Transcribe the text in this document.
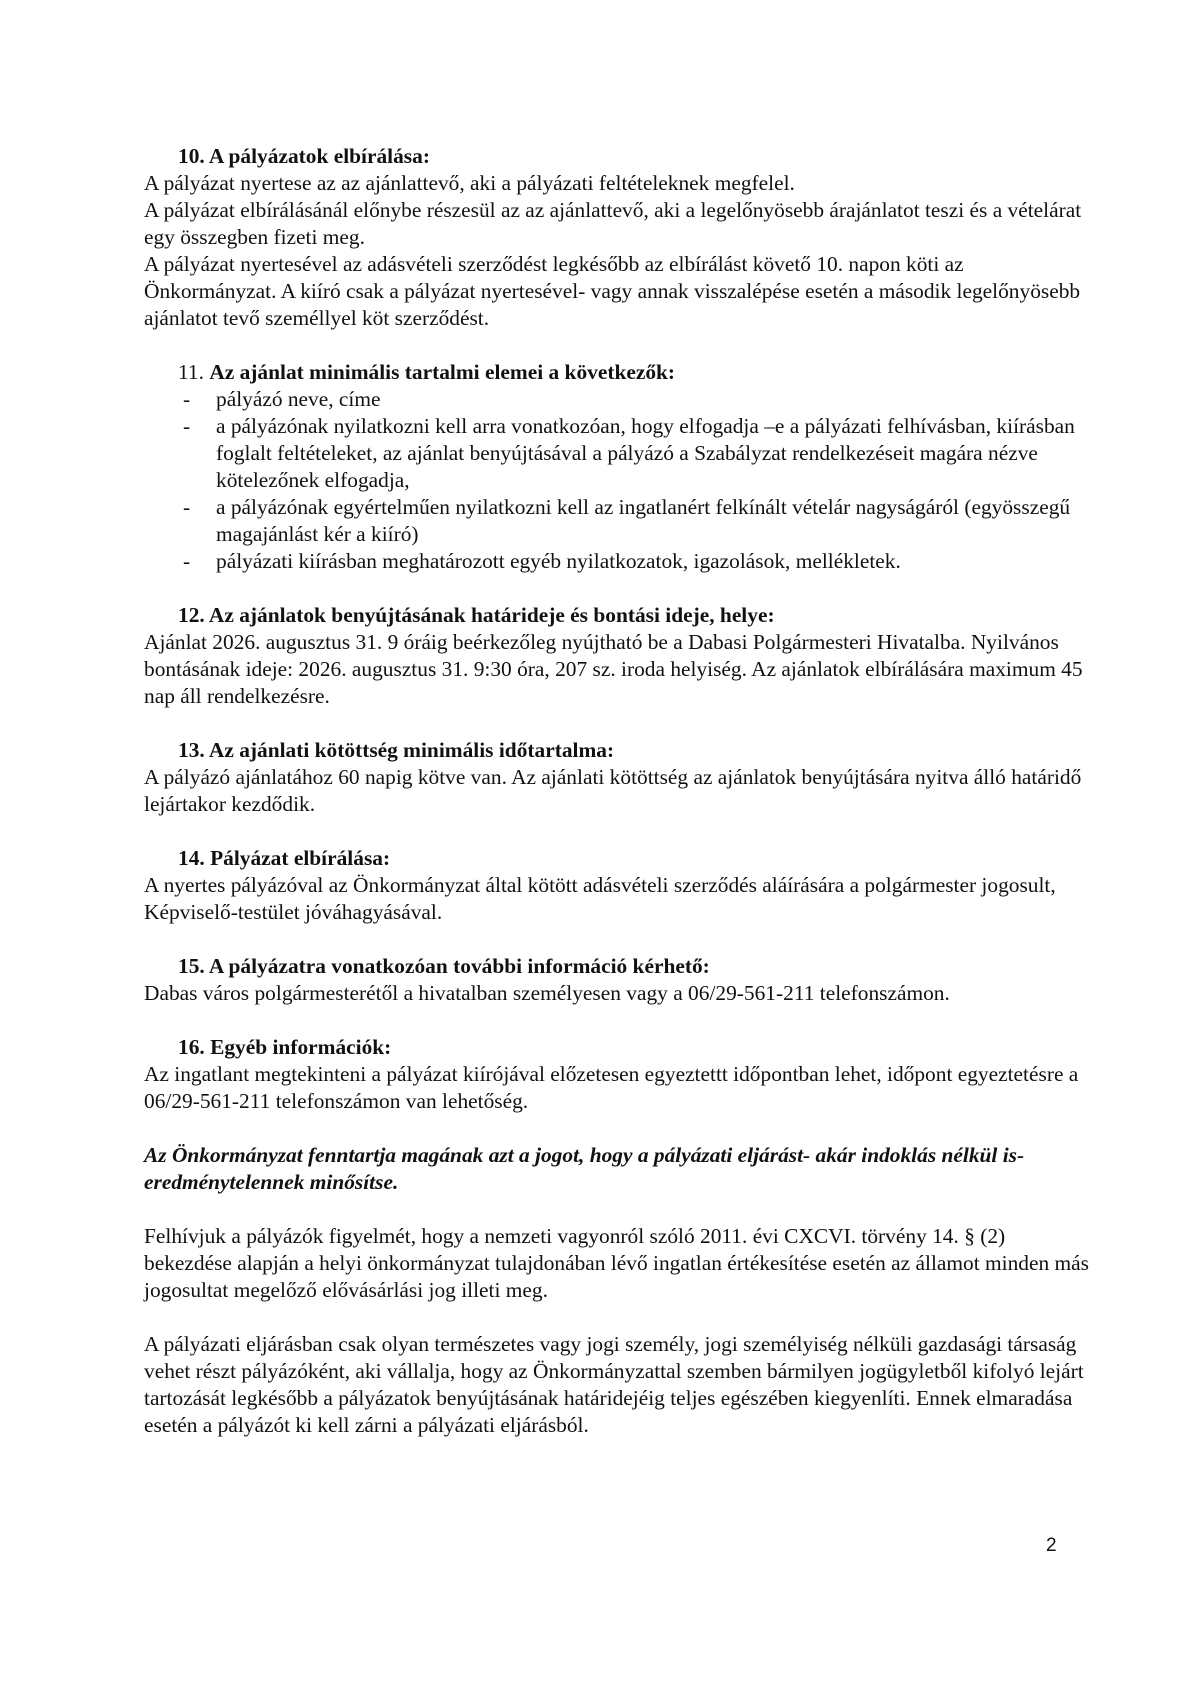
10. A pályázatok elbírálása:

A pályázat nyertese az az ajánlattevő, aki a pályázati feltételeknek megfelel.

A pályázat elbírálásánál előnybe részesül az az ajánlattevő, aki a legelőnyösebb árajánlatot teszi és a vételárat egy összegben fizeti meg.

A pályázat nyertesével az adásvételi szerződést legkésőbb az elbírálást követő 10. napon köti az Önkormányzat. A kiíró csak a pályázat nyertesével- vagy annak visszalépése esetén a második legelőnyösebb ajánlatot tevő személlyel köt szerződést.

11. Az ajánlat minimális tartalmi elemei a következők:
- pályázó neve, címe
- a pályázónak nyilatkozni kell arra vonatkozóan, hogy elfogadja –e a pályázati felhívásban, kiírásban foglalt feltételeket, az ajánlat benyújtásával a pályázó a Szabályzat rendelkezéseit magára nézve kötelezőnek elfogadja,
- a pályázónak egyértelműen nyilatkozni kell az ingatlanért felkínált vételár nagyságáról (egyösszegű magajánlást kér a kiíró)
- pályázati kiírásban meghatározott egyéb nyilatkozatok, igazolások, mellékletek.
12. Az ajánlatok benyújtásának határideje és bontási ideje, helye:

Ajánlat 2026. augusztus 31. 9 óráig beérkezőleg nyújtható be a Dabasi Polgármesteri Hivatalba. Nyilvános bontásának ideje: 2026. augusztus 31. 9:30 óra, 207 sz. iroda helyiség. Az ajánlatok elbírálására maximum 45 nap áll rendelkezésre.

13. Az ajánlati kötöttség minimális időtartalma:

A pályázó ajánlatához 60 napig kötve van. Az ajánlati kötöttség az ajánlatok benyújtására nyitva álló határidő lejártakor kezdődik.

14. Pályázat elbírálása:

A nyertes pályázóval az Önkormányzat által kötött adásvételi szerződés aláírására a polgármester jogosult, Képviselő-testület jóváhagyásával.

15. A pályázatra vonatkozóan további információ kérhető:

Dabas város polgármesterétől a hivatalban személyesen vagy a 06/29-561-211 telefonszámon.

16. Egyéb információk:

Az ingatlant megtekinteni a pályázat kiírójával előzetesen egyeztettt időpontban lehet, időpont egyeztetésre a 06/29-561-211 telefonszámon van lehetőség.

Az Önkormányzat fenntartja magának azt a jogot, hogy a pályázati eljárást- akár indoklás nélkül is- eredménytelennek minősítse.

Felhívjuk a pályázók figyelmét, hogy a nemzeti vagyonról szóló 2011. évi CXCVI. törvény 14. § (2) bekezdése alapján a helyi önkormányzat tulajdonában lévő ingatlan értékesítése esetén az államot minden más jogosultat megelőző elővásárlási jog illeti meg.

A pályázati eljárásban csak olyan természetes vagy jogi személy, jogi személyiség nélküli gazdasági társaság vehet részt pályázóként, aki vállalja, hogy az Önkormányzattal szemben bármilyen jogügyletből kifolyó lejárt tartozását legkésőbb a pályázatok benyújtásának határidejéig teljes egészében kiegyenlíti. Ennek elmaradása esetén a pályázót ki kell zárni a pályázati eljárásból.

2
